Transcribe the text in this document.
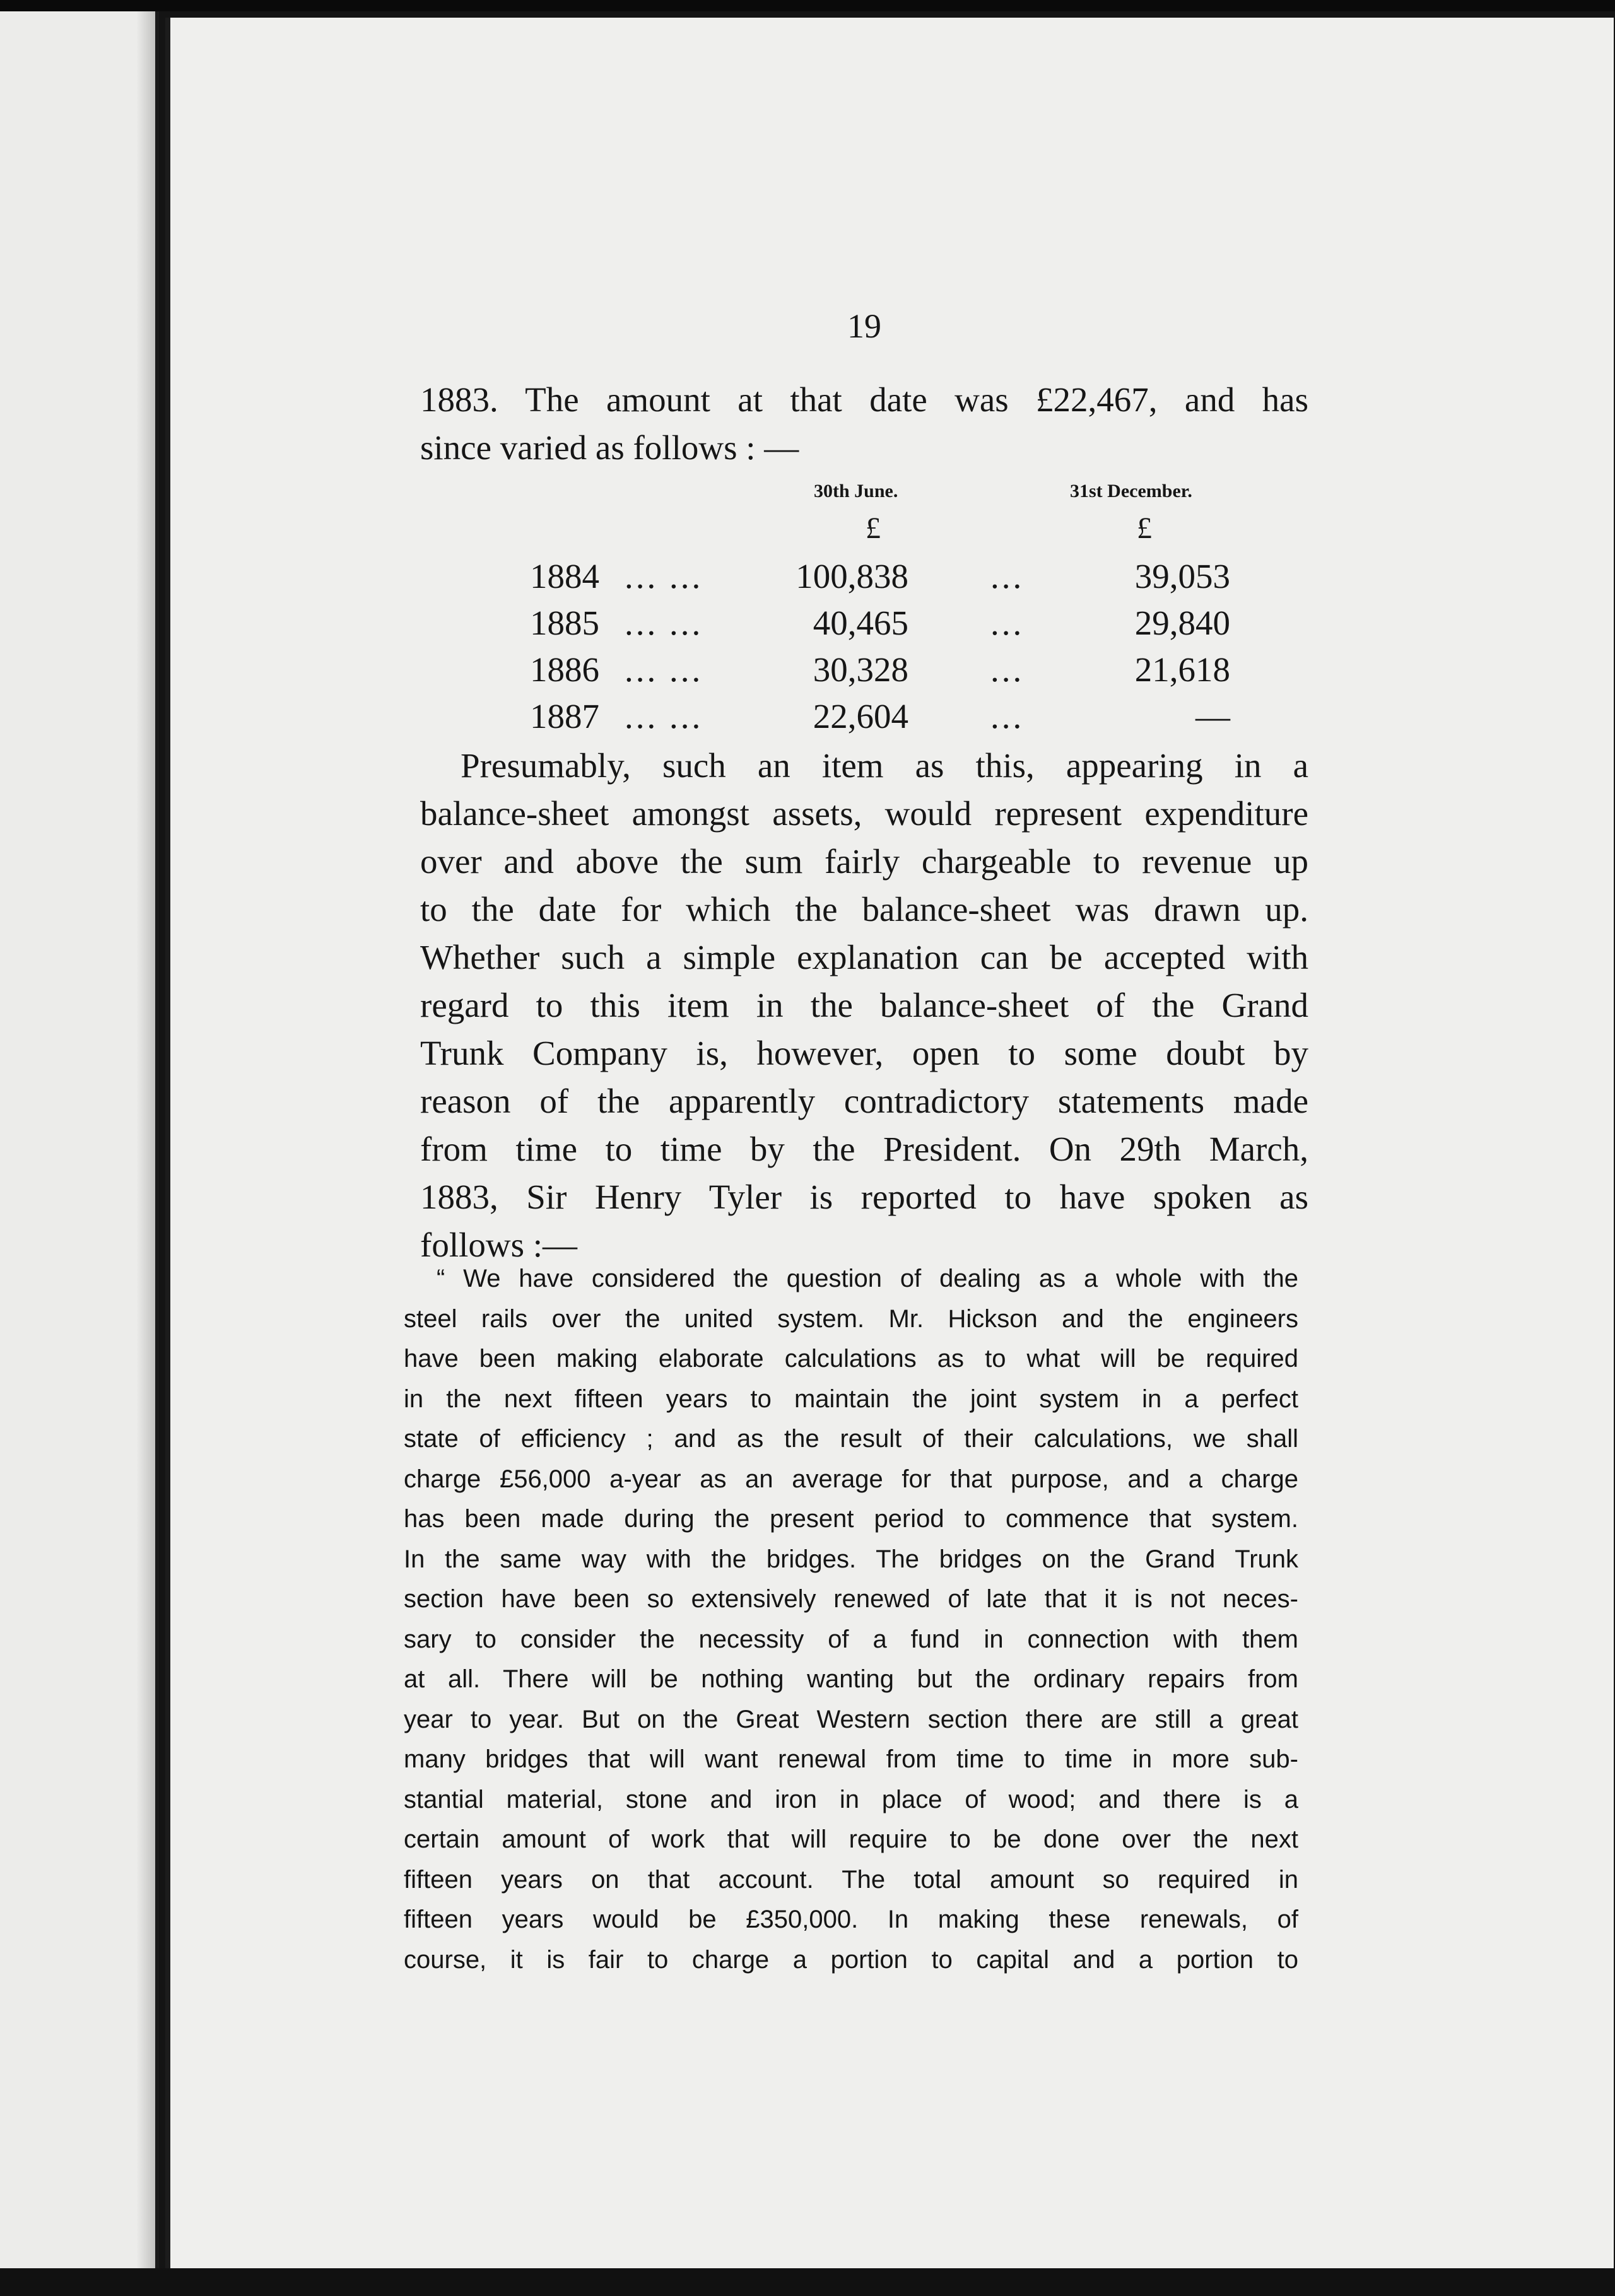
19
1883. The amount at that date was £22,467, and has
since varied as follows : —
30th June.	31st December.
£	£
1884 ... ...	100,838 ...	39,053
1885 ... ...	40,465 ...	29,840
1886 ... ...	30,328 ...	21,618
1887 ... ...	22,604 ...	—
Presumably, such an item as this, appearing in a
balance-sheet amongst assets, would represent expenditure
over and above the sum fairly chargeable to revenue up
to the date for which the balance-sheet was drawn up.
Whether such a simple explanation can be accepted with
regard to this item in the balance-sheet of the Grand
Trunk Company is, however, open to some doubt by
reason of the apparently contradictory statements made
from time to time by the President. On 29th March,
1883, Sir Henry Tyler is reported to have spoken as
follows :—
“ We have considered the question of dealing as a whole with the
steel rails over the united system. Mr. Hickson and the engineers
have been making elaborate calculations as to what will be required
in the next fifteen years to maintain the joint system in a perfect
state of efficiency ; and as the result of their calculations, we shall
charge £56,000 a-year as an average for that purpose, and a charge
has been made during the present period to commence that system.
In the same way with the bridges. The bridges on the Grand Trunk
section have been so extensively renewed of late that it is not neces-
sary to consider the necessity of a fund in connection with them
at all. There will be nothing wanting but the ordinary repairs from
year to year. But on the Great Western section there are still a great
many bridges that will want renewal from time to time in more sub-
stantial material, stone and iron in place of wood; and there is a
certain amount of work that will require to be done over the next
fifteen years on that account. The total amount so required in
fifteen years would be £350,000. In making these renewals, of
course, it is fair to charge a portion to capital and a portion to
